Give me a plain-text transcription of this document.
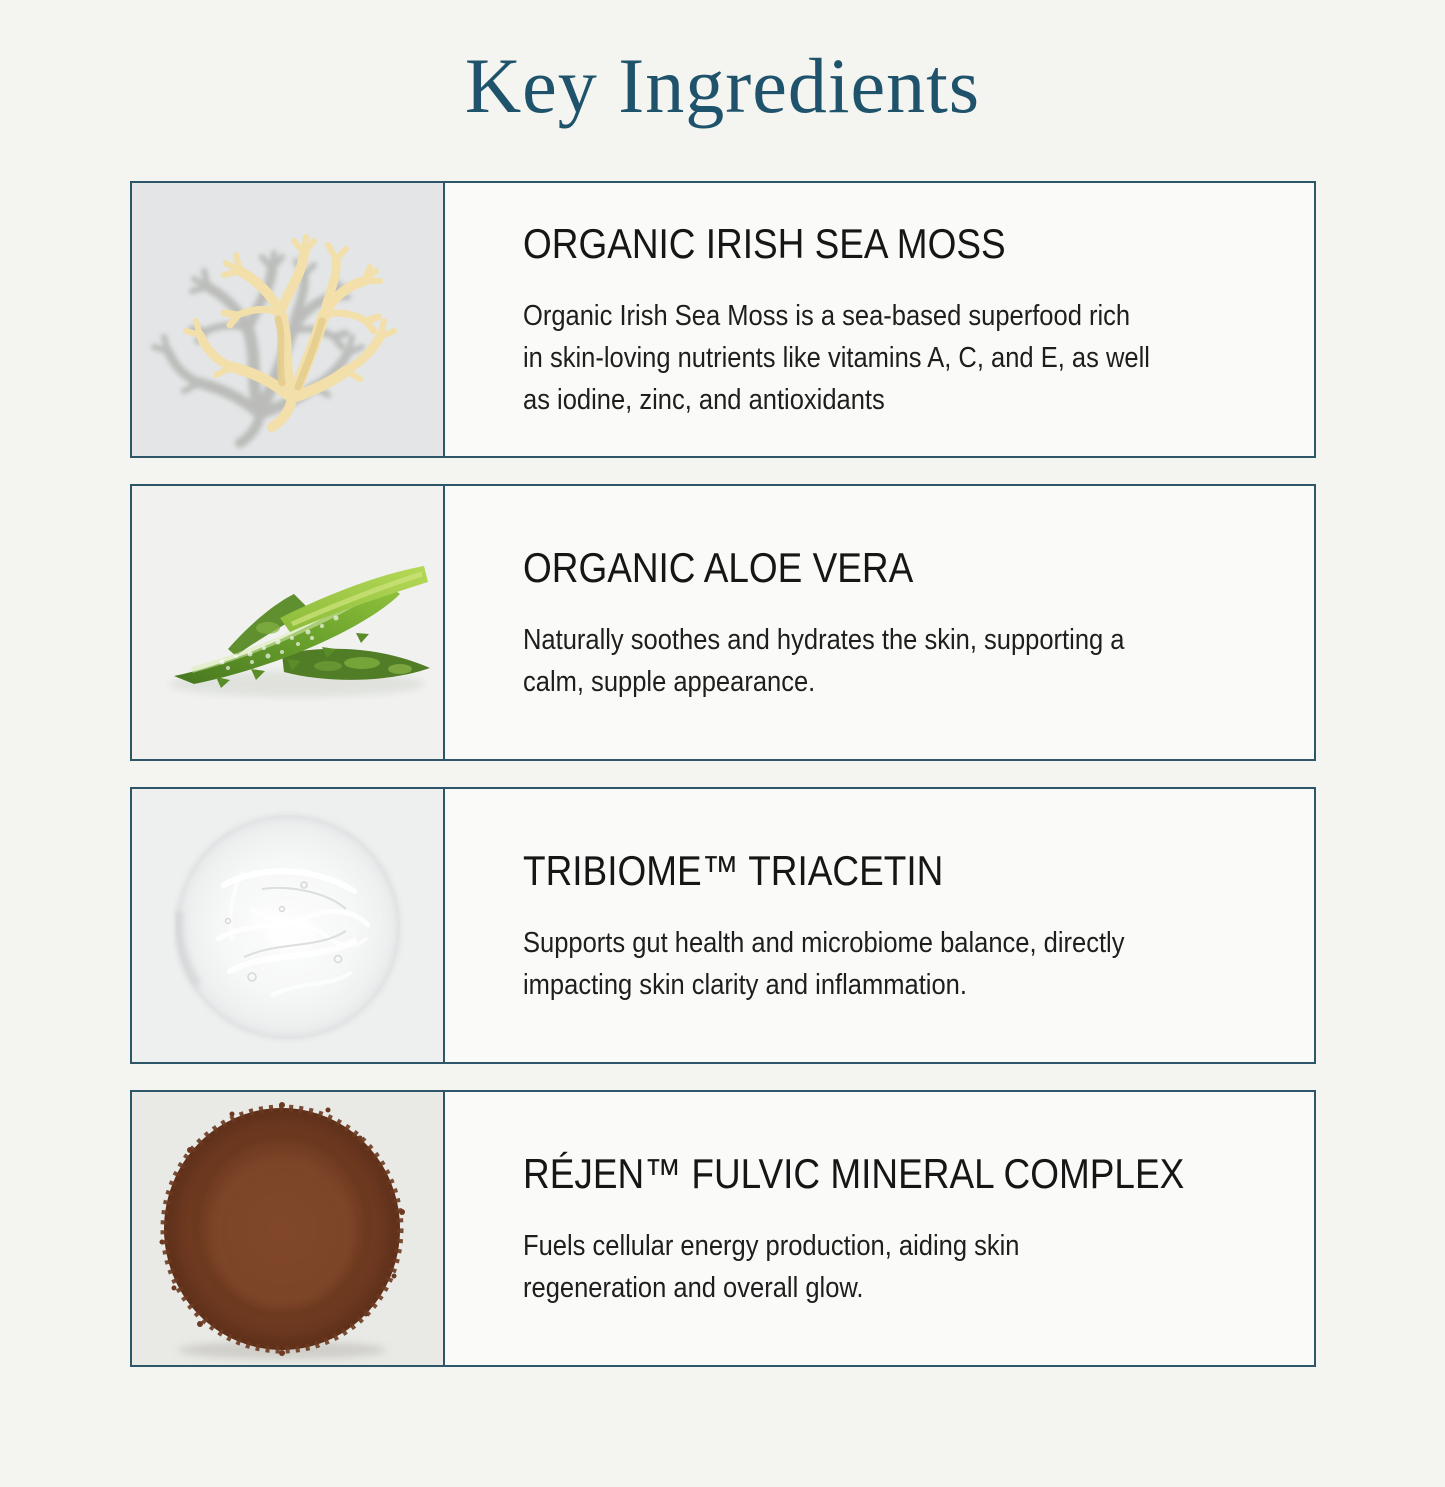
Key Ingredients
ORGANIC IRISH SEA MOSS

Organic Irish Sea Moss is a sea-based superfood rich
in skin-loving nutrients like vitamins A, C, and E, as well
as iodine, zinc, and antioxidants

ORGANIC ALOE VERA

Naturally soothes and hydrates the skin, supporting a
calm, supple appearance.

TRIBIOME™ TRIACETIN

Supports gut health and microbiome balance, directly
impacting skin clarity and inflammation.

RÉJEN™ FULVIC MINERAL COMPLEX

Fuels cellular energy production, aiding skin
regeneration and overall glow.
